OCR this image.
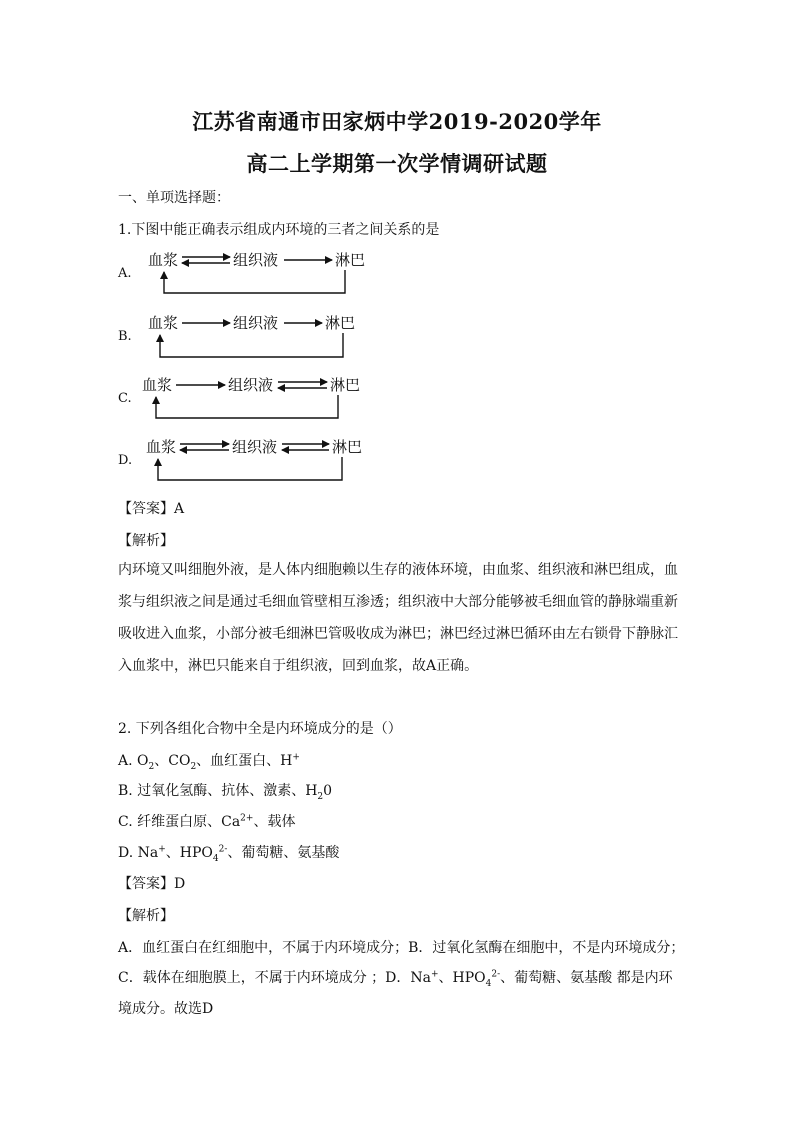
江苏省南通市田家炳中学2019-2020学年
高二上学期第一次学情调研试题
一、单项选择题：
1.下图中能正确表示组成内环境的三者之间关系的是
A.
血浆	组织液	淋巴
B.
血浆	组织液	淋巴
C.
血浆	组织液	淋巴
D.
血浆	组织液	淋巴
【答案】A
【解析】
内环境又叫细胞外液，是人体内细胞赖以生存的液体环境，由血浆、组织液和淋巴组成，血
浆与组织液之间是通过毛细血管壁相互渗透；组织液中大部分能够被毛细血管的静脉端重新
吸收进入血浆，小部分被毛细淋巴管吸收成为淋巴；淋巴经过淋巴循环由左右锁骨下静脉汇
入血浆中，淋巴只能来自于组织液，回到血浆，故A正确。
2. 下列各组化合物中全是内环境成分的是（）
A. $O_2$、$CO_2$、血红蛋白、H+
B. 过氧化氢酶、抗体、激素、$H_20$
C. 纤维蛋白原、$Ca^{2+}$、载体
D. Na+、$HPO_4^{2-}$、葡萄糖、氨基酸
【答案】D
【解析】
A．血红蛋白在红细胞中，不属于内环境成分；B．过氧化氢酶在细胞中，不是内环境成分；
C．载体在细胞膜上，不属于内环境成分 ；D．Na+、$HPO_4^{2-}$、葡萄糖、氨基酸 都是内环
境成分。故选D
